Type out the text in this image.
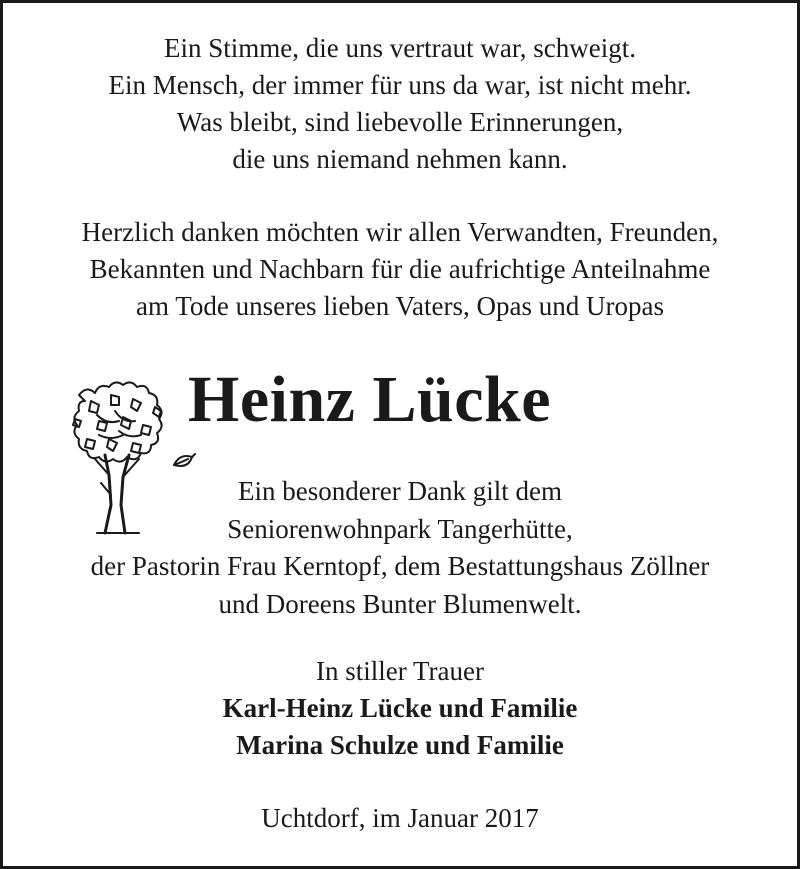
Ein Stimme, die uns vertraut war, schweigt.
Ein Mensch, der immer für uns da war, ist nicht mehr.
Was bleibt, sind liebevolle Erinnerungen,
die uns niemand nehmen kann.
Herzlich danken möchten wir allen Verwandten, Freunden,
Bekannten und Nachbarn für die aufrichtige Anteilnahme
am Tode unseres lieben Vaters, Opas und Uropas
Heinz Lücke
Ein besonderer Dank gilt dem
Seniorenwohnpark Tangerhütte,
der Pastorin Frau Kerntopf, dem Bestattungshaus Zöllner
und Doreens Bunter Blumenwelt.
In stiller Trauer
Karl-Heinz Lücke und Familie
Marina Schulze und Familie
Uchtdorf, im Januar 2017
